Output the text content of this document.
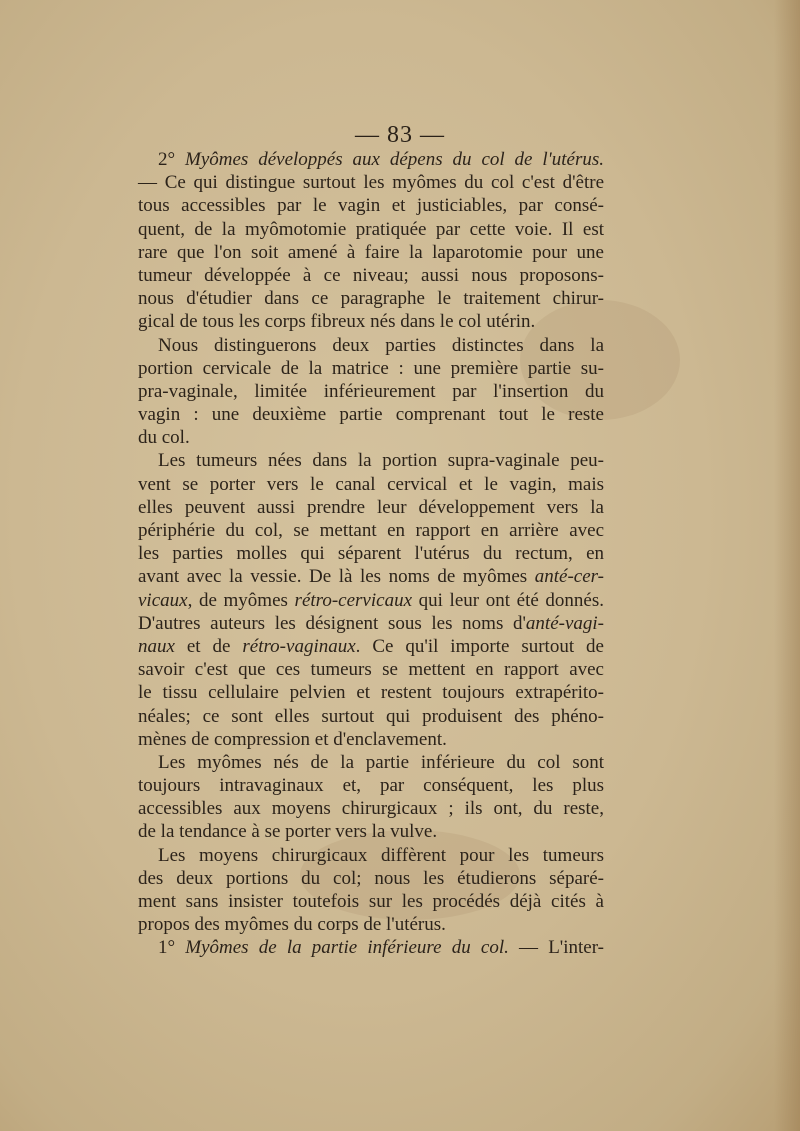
— 83 —
2° Myômes développés aux dépens du col de l'utérus.
— Ce qui distingue surtout les myômes du col c'est d'être
tous accessibles par le vagin et justiciables, par consé-
quent, de la myômotomie pratiquée par cette voie. Il est
rare que l'on soit amené à faire la laparotomie pour une
tumeur développée à ce niveau; aussi nous proposons-
nous d'étudier dans ce paragraphe le traitement chirur-
gical de tous les corps fibreux nés dans le col utérin.
Nous distinguerons deux parties distinctes dans la
portion cervicale de la matrice : une première partie su-
pra-vaginale, limitée inférieurement par l'insertion du
vagin : une deuxième partie comprenant tout le reste
du col.
Les tumeurs nées dans la portion supra-vaginale peu-
vent se porter vers le canal cervical et le vagin, mais
elles peuvent aussi prendre leur développement vers la
périphérie du col, se mettant en rapport en arrière avec
les parties molles qui séparent l'utérus du rectum, en
avant avec la vessie. De là les noms de myômes anté-cer-
vicaux, de myômes rétro-cervicaux qui leur ont été donnés.
D'autres auteurs les désignent sous les noms d'anté-vagi-
naux et de rétro-vaginaux. Ce qu'il importe surtout de
savoir c'est que ces tumeurs se mettent en rapport avec
le tissu cellulaire pelvien et restent toujours extrapérito-
néales; ce sont elles surtout qui produisent des phéno-
mènes de compression et d'enclavement.
Les myômes nés de la partie inférieure du col sont
toujours intravaginaux et, par conséquent, les plus
accessibles aux moyens chirurgicaux ; ils ont, du reste,
de la tendance à se porter vers la vulve.
Les moyens chirurgicaux diffèrent pour les tumeurs
des deux portions du col; nous les étudierons séparé-
ment sans insister toutefois sur les procédés déjà cités à
propos des myômes du corps de l'utérus.
1° Myômes de la partie inférieure du col. — L'inter-
